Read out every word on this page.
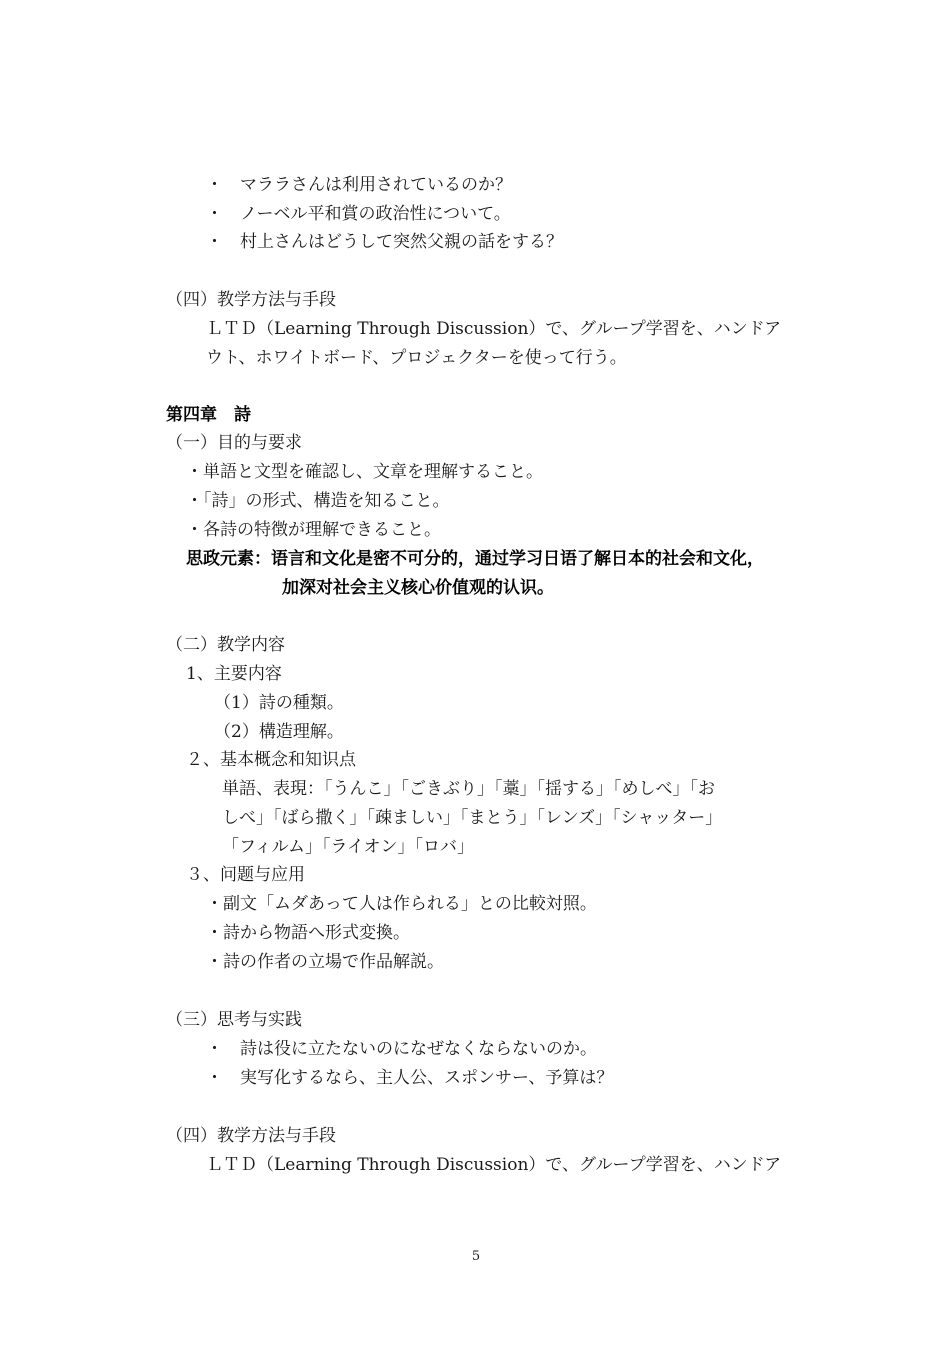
・　マララさんは利用されているのか？
・　ノーベル平和賞の政治性について。
・　村上さんはどうして突然父親の話をする？
（四）教学方法与手段
ＬＴＤ（Learning Through Discussion）で、グループ学習を、ハンドア
ウト、ホワイトボード、プロジェクターを使って行う。
第四章　詩
（一）目的与要求
・単語と文型を確認し、文章を理解すること。
・「詩」の形式、構造を知ること。
・各詩の特徴が理解できること。
思政元素：语言和文化是密不可分的，通过学习日语了解日本的社会和文化，
加深对社会主义核心价值观的认识。
（二）教学内容
1、主要内容
（1）詩の種類。
（2）構造理解。
２、基本概念和知识点
単語、表現：「うんこ」「ごきぶり」「藁」「揺する」「めしべ」「お
しべ」「ばら撒く」「疎ましい」「まとう」「レンズ」「シャッター」
「フィルム」「ライオン」「ロバ」
３、问题与应用
・副文「ムダあって人は作られる」との比較対照。
・詩から物語へ形式変換。
・詩の作者の立場で作品解説。
（三）思考与实践
・　詩は役に立たないのになぜなくならないのか。
・　実写化するなら、主人公、スポンサー、予算は？
（四）教学方法与手段
ＬＴＤ（Learning Through Discussion）で、グループ学習を、ハンドア
5
